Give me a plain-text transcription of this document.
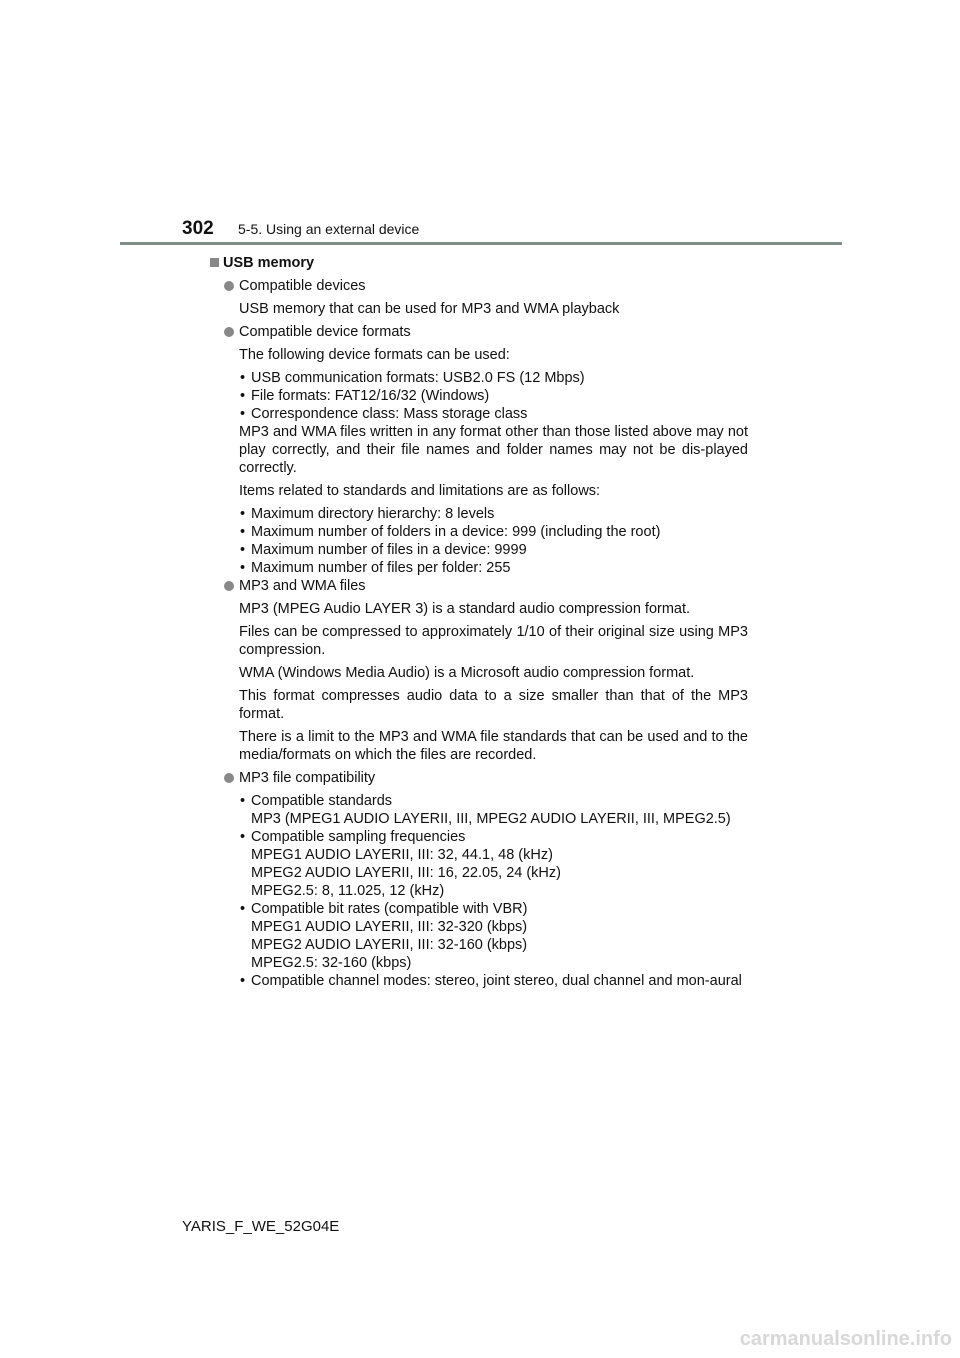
302 5-5. Using an external device
USB memory
Compatible devices
USB memory that can be used for MP3 and WMA playback
Compatible device formats
The following device formats can be used:
• USB communication formats: USB2.0 FS (12 Mbps)
• File formats: FAT12/16/32 (Windows)
• Correspondence class: Mass storage class
MP3 and WMA files written in any format other than those listed above may not play correctly, and their file names and folder names may not be dis-played correctly.
Items related to standards and limitations are as follows:
• Maximum directory hierarchy: 8 levels
• Maximum number of folders in a device: 999 (including the root)
• Maximum number of files in a device: 9999
• Maximum number of files per folder: 255
MP3 and WMA files
MP3 (MPEG Audio LAYER 3) is a standard audio compression format.
Files can be compressed to approximately 1/10 of their original size using MP3 compression.
WMA (Windows Media Audio) is a Microsoft audio compression format.
This format compresses audio data to a size smaller than that of the MP3 format.
There is a limit to the MP3 and WMA file standards that can be used and to the media/formats on which the files are recorded.
MP3 file compatibility
• Compatible standards
MP3 (MPEG1 AUDIO LAYERII, III, MPEG2 AUDIO LAYERII, III, MPEG2.5)
• Compatible sampling frequencies
MPEG1 AUDIO LAYERII, III: 32, 44.1, 48 (kHz)
MPEG2 AUDIO LAYERII, III: 16, 22.05, 24 (kHz)
MPEG2.5: 8, 11.025, 12 (kHz)
• Compatible bit rates (compatible with VBR)
MPEG1 AUDIO LAYERII, III: 32-320 (kbps)
MPEG2 AUDIO LAYERII, III: 32-160 (kbps)
MPEG2.5: 32-160 (kbps)
• Compatible channel modes: stereo, joint stereo, dual channel and mon-aural
YARIS_F_WE_52G04E
carmanualsonline.info
